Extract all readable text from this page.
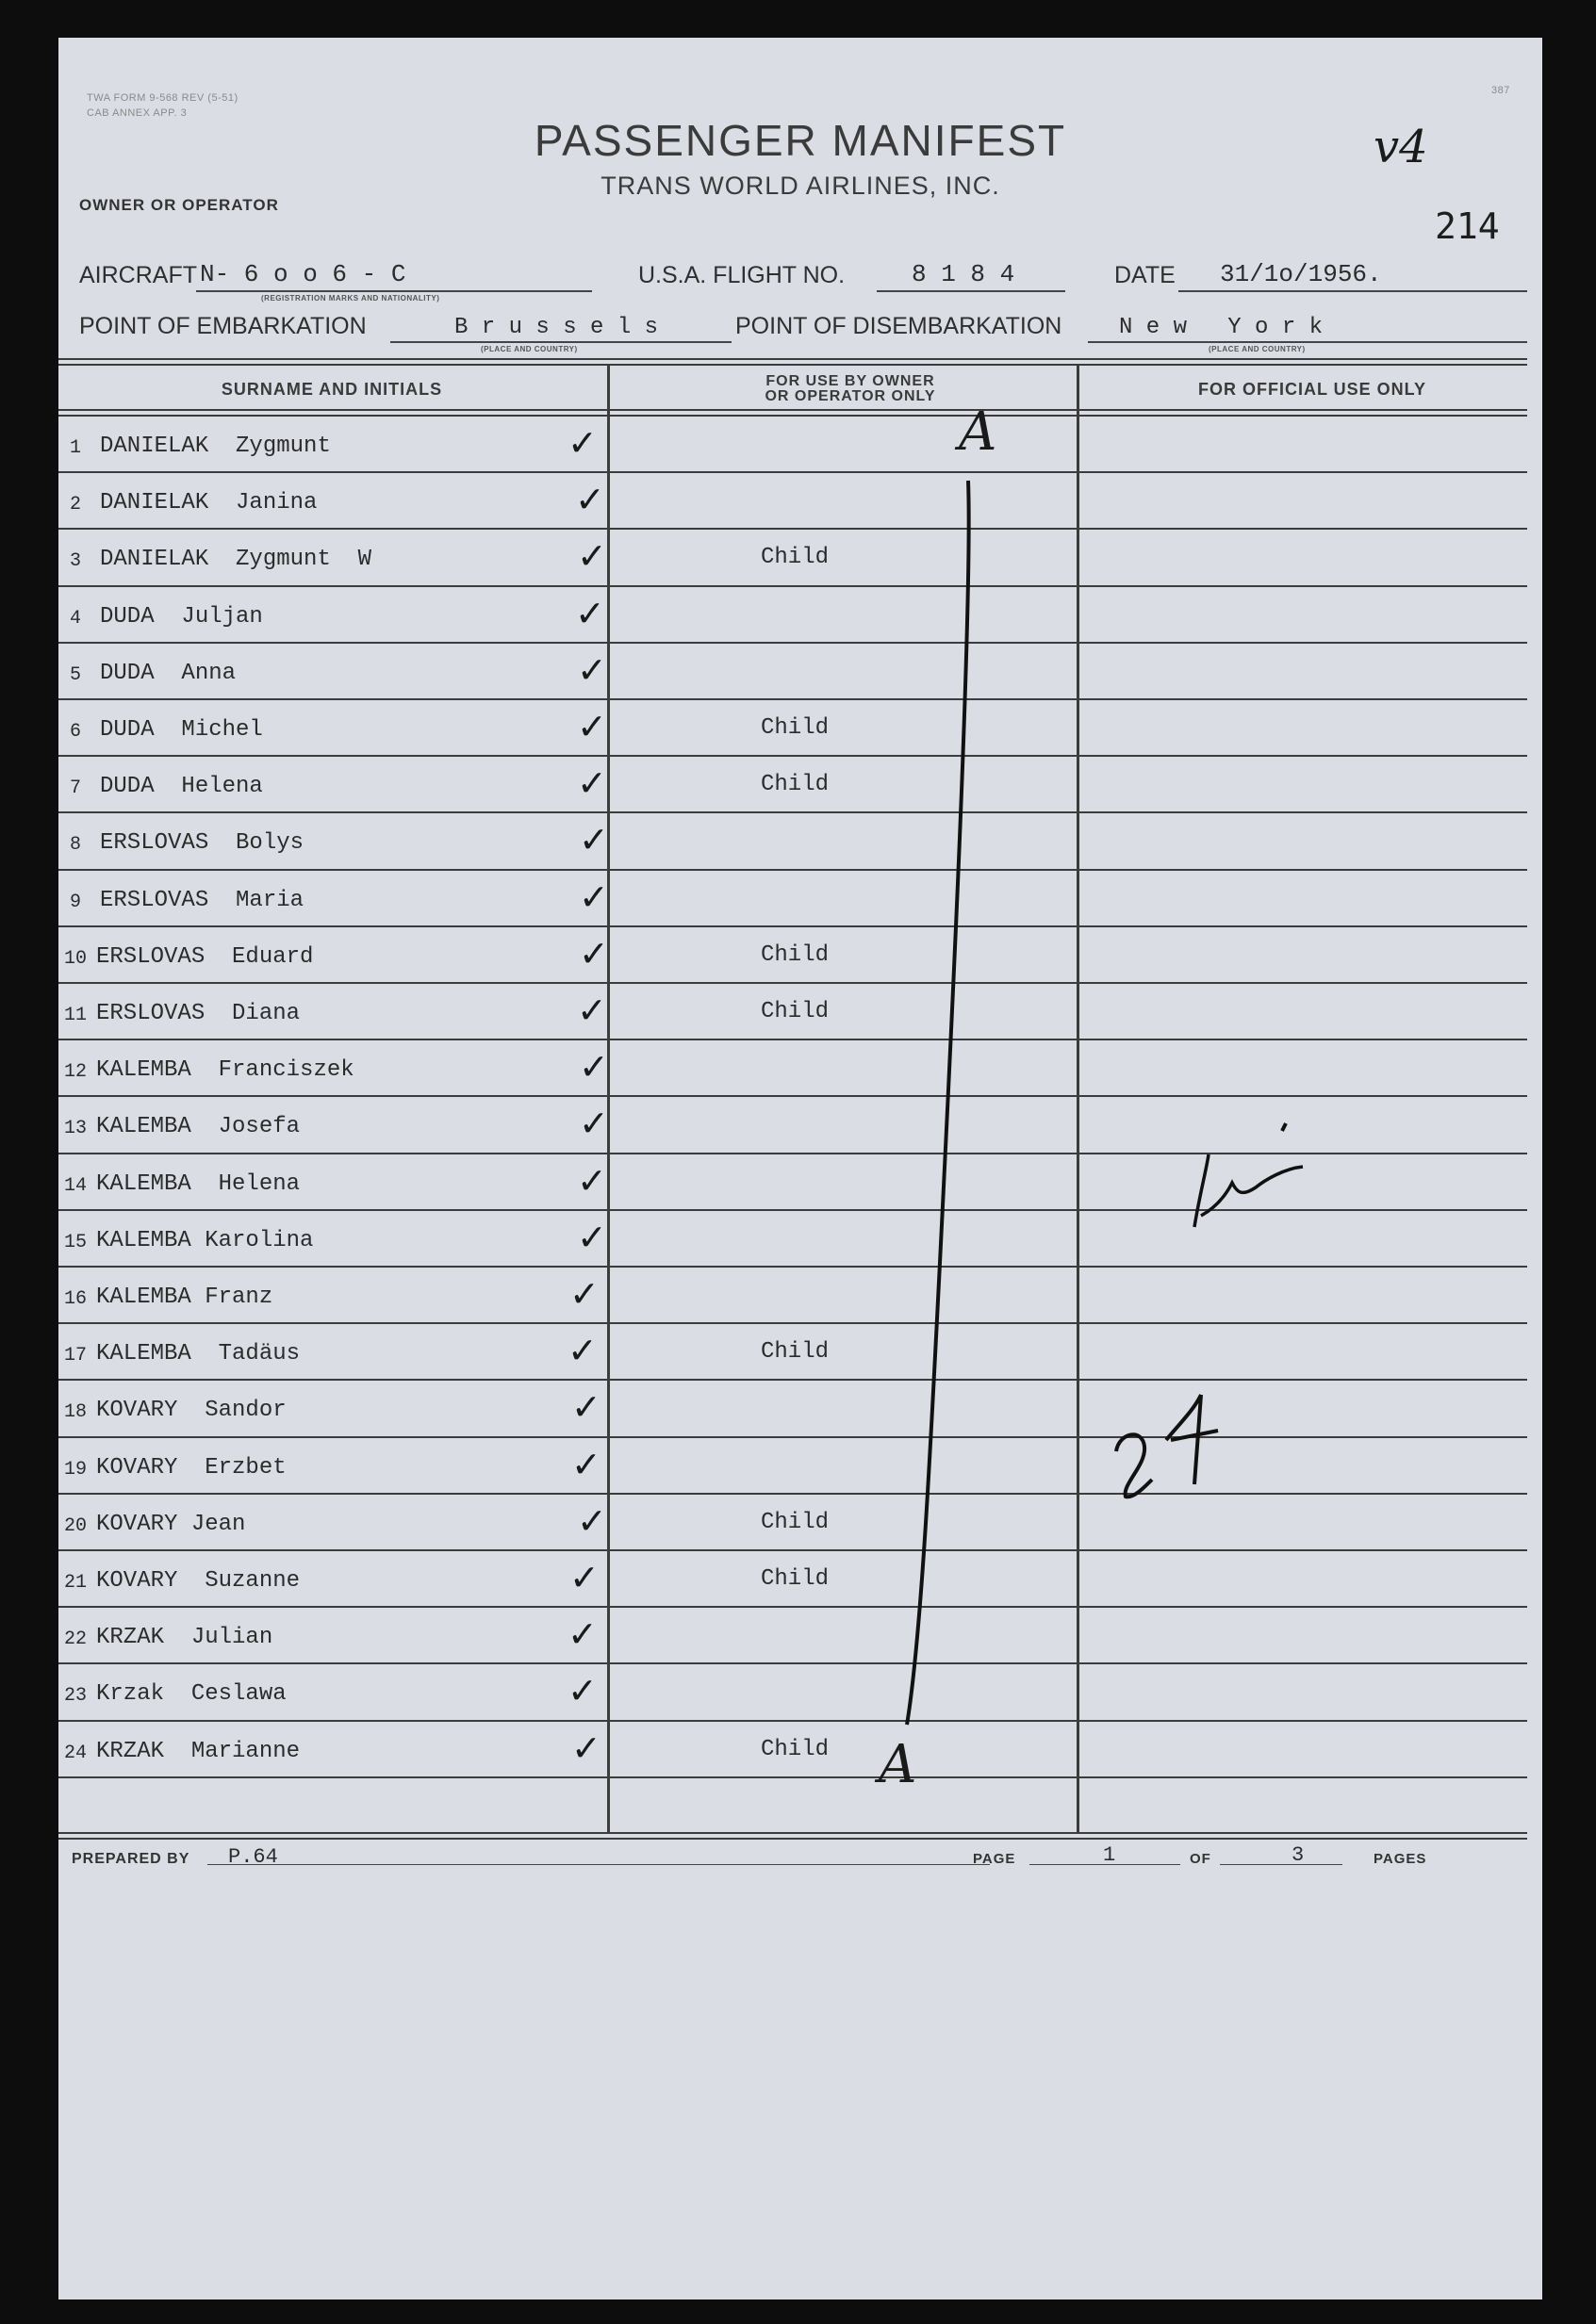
TWA FORM 9-568 REV (5-51)
CAB ANNEX APP. 3
OWNER OR OPERATOR
387
PASSENGER MANIFEST
TRANS WORLD AIRLINES, INC.
v4
214
AIRCRAFT N- 6 o o 6 - C
(REGISTRATION MARKS AND NATIONALITY)
U.S.A. FLIGHT NO.	8 1 8 4	DATE 31/1o/1956.
POINT OF EMBARKATION	B r u s s e l s
(PLACE AND COUNTRY)
POINT OF DISEMBARKATION	N e w   Y o r k
(PLACE AND COUNTRY)
SURNAME AND INITIALS	FOR USE BY OWNER
OR OPERATOR ONLY	FOR OFFICIAL USE ONLY
1 DANIELAK  Zygmunt	✓
2 DANIELAK  Janina	✓
3 DANIELAK  Zygmunt  W	✓	Child
4 DUDA  Juljan	✓
5 DUDA  Anna	✓
6 DUDA  Michel	✓	Child
7 DUDA  Helena	✓	Child
8 ERSLOVAS  Bolys	✓
9 ERSLOVAS  Maria	✓
10 ERSLOVAS  Eduard	✓	Child
11 ERSLOVAS  Diana	✓	Child
12 KALEMBA  Franciszek	✓
13 KALEMBA  Josefa	✓
14 KALEMBA  Helena	✓
15 KALEMBA Karolina	✓
16 KALEMBA Franz	✓
17 KALEMBA  Tadäus	✓	Child
18 KOVARY  Sandor	✓
19 KOVARY  Erzbet	✓
20 KOVARY Jean	✓	Child
21 KOVARY  Suzanne	✓	Child
22 KRZAK  Julian	✓
23 Krzak  Ceslawa	✓
24 KRZAK  Marianne	✓	Child
A
A
PREPARED BY P.64	PAGE	1	OF	3	PAGES
